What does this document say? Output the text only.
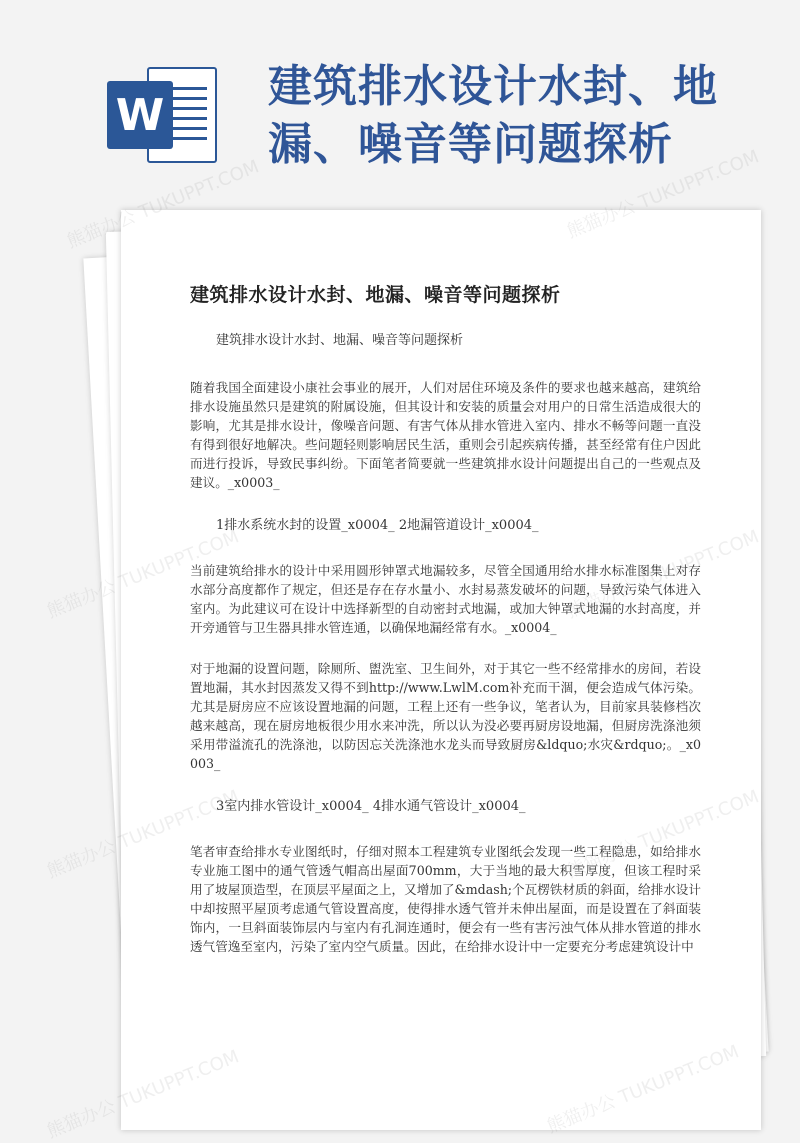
W
建筑排水设计水封、地漏、噪音等问题探析
建筑排水设计水封、地漏、噪音等问题探析

建筑排水设计水封、地漏、噪音等问题探析

随着我国全面建设小康社会事业的展开，人们对居住环境及条件的要求也越来越高，建筑给排水设施虽然只是建筑的附属设施，但其设计和安装的质量会对用户的日常生活造成很大的影响，尤其是排水设计，像噪音问题、有害气体从排水管进入室内、排水不畅等问题一直没有得到很好地解决。些问题轻则影响居民生活，重则会引起疾病传播，甚至经常有住户因此而进行投诉，导致民事纠纷。下面笔者简要就一些建筑排水设计问题提出自己的一些观点及建议。_x0003_

1排水系统水封的设置_x0004_ 2地漏管道设计_x0004_

当前建筑给排水的设计中采用圆形钟罩式地漏较多，尽管全国通用给水排水标准图集上对存水部分高度都作了规定，但还是存在存水量小、水封易蒸发破坏的问题，导致污染气体进入室内。为此建议可在设计中选择新型的自动密封式地漏，或加大钟罩式地漏的水封高度，并开旁通管与卫生器具排水管连通，以确保地漏经常有水。_x0004_

对于地漏的设置问题，除厕所、盥洗室、卫生间外，对于其它一些不经常排水的房间，若设置地漏，其水封因蒸发又得不到http://www.LwlM.com补充而干涸，便会造成气体污染。尤其是厨房应不应该设置地漏的问题，工程上还有一些争议，笔者认为，目前家具装修档次越来越高，现在厨房地板很少用水来冲洗，所以认为没必要再厨房设地漏，但厨房洗涤池须采用带溢流孔的洗涤池，以防因忘关洗涤池水龙头而导致厨房&ldquo;水灾&rdquo;。_x0003_

3室内排水管设计_x0004_ 4排水通气管设计_x0004_

笔者审查给排水专业图纸时，仔细对照本工程建筑专业图纸会发现一些工程隐患，如给排水专业施工图中的通气管透气帽高出屋面700mm，大于当地的最大积雪厚度，但该工程时采用了坡屋顶造型，在顶层平屋面之上，又增加了&mdash;个瓦楞铁材质的斜面，给排水设计中却按照平屋顶考虑通气管设置高度，使得排水透气管并未伸出屋面，而是设置在了斜面装饰内，一旦斜面装饰层内与室内有孔洞连通时，便会有一些有害污浊气体从排水管道的排水透气管逸至室内，污染了室内空气质量。因此，在给排水设计中一定要充分考虑建筑设计中

熊猫办公 TUKUPPT.COM	熊猫办公 TUKUPPT.COM
熊猫办公
熊猫办公
熊猫办公
